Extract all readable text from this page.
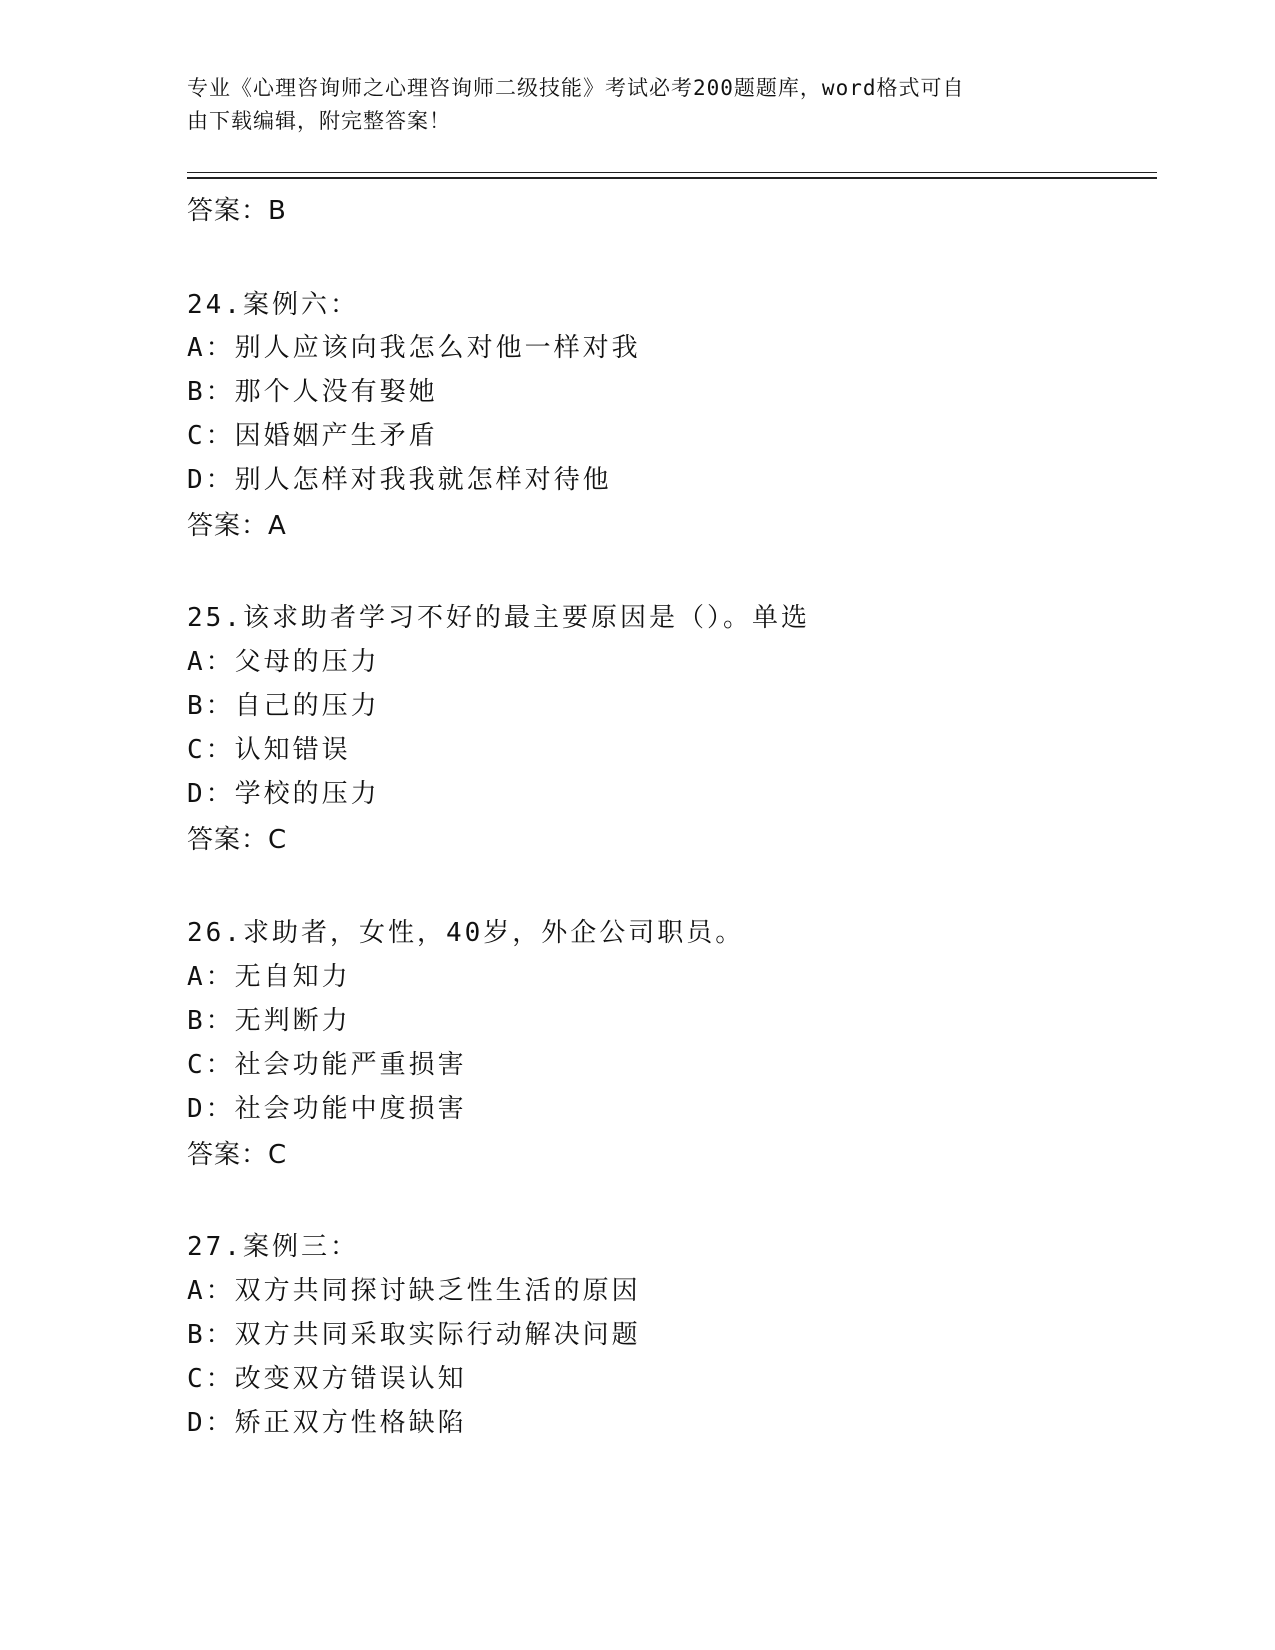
专业《心理咨询师之心理咨询师二级技能》考试必考200题题库，word格式可自
由下载编辑，附完整答案！
答案：B
24.案例六：
A：别人应该向我怎么对他一样对我
B：那个人没有娶她
C：因婚姻产生矛盾
D：别人怎样对我我就怎样对待他
答案：A
25.该求助者学习不好的最主要原因是（）。单选
A：父母的压力
B：自己的压力
C：认知错误
D：学校的压力
答案：C
26.求助者，女性，40岁，外企公司职员。
A：无自知力
B：无判断力
C：社会功能严重损害
D：社会功能中度损害
答案：C
27.案例三：
A：双方共同探讨缺乏性生活的原因
B：双方共同采取实际行动解决问题
C：改变双方错误认知
D：矫正双方性格缺陷
